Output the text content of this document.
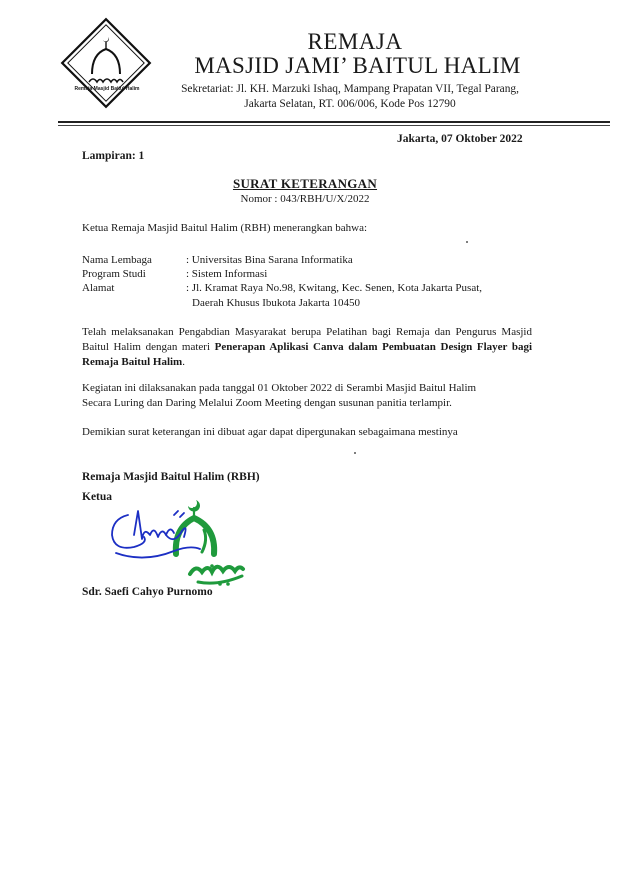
Remaja Masjid Baitul Halim
REMAJA
MASJID JAMI’ BAITUL HALIM
Sekretariat: Jl. KH. Marzuki Ishaq, Mampang Prapatan VII, Tegal Parang,
Jakarta Selatan, RT. 006/006, Kode Pos 12790
Jakarta, 07 Oktober 2022
Lampiran: 1
SURAT KETERANGAN
Nomor : 043/RBH/U/X/2022
Ketua Remaja Masjid Baitul Halim (RBH) menerangkan bahwa:
Nama Lembaga	: Universitas Bina Sarana Informatika
Program Studi	: Sistem Informasi
Alamat	: Jl. Kramat Raya No.98, Kwitang, Kec. Senen, Kota Jakarta Pusat,
Daerah Khusus Ibukota Jakarta 10450
Telah melaksanakan Pengabdian Masyarakat berupa Pelatihan bagi Remaja dan Pengurus Masjid Baitul Halim dengan materi Penerapan Aplikasi Canva dalam Pembuatan Design Flayer bagi Remaja Baitul Halim.
Kegiatan ini dilaksanakan pada tanggal 01 Oktober 2022 di Serambi Masjid Baitul Halim Secara Luring dan Daring Melalui Zoom Meeting dengan susunan panitia terlampir.
Demikian surat keterangan ini dibuat agar dapat dipergunakan sebagaimana mestinya
Remaja Masjid Baitul Halim (RBH)
Ketua
Sdr. Saefi Cahyo Purnomo
